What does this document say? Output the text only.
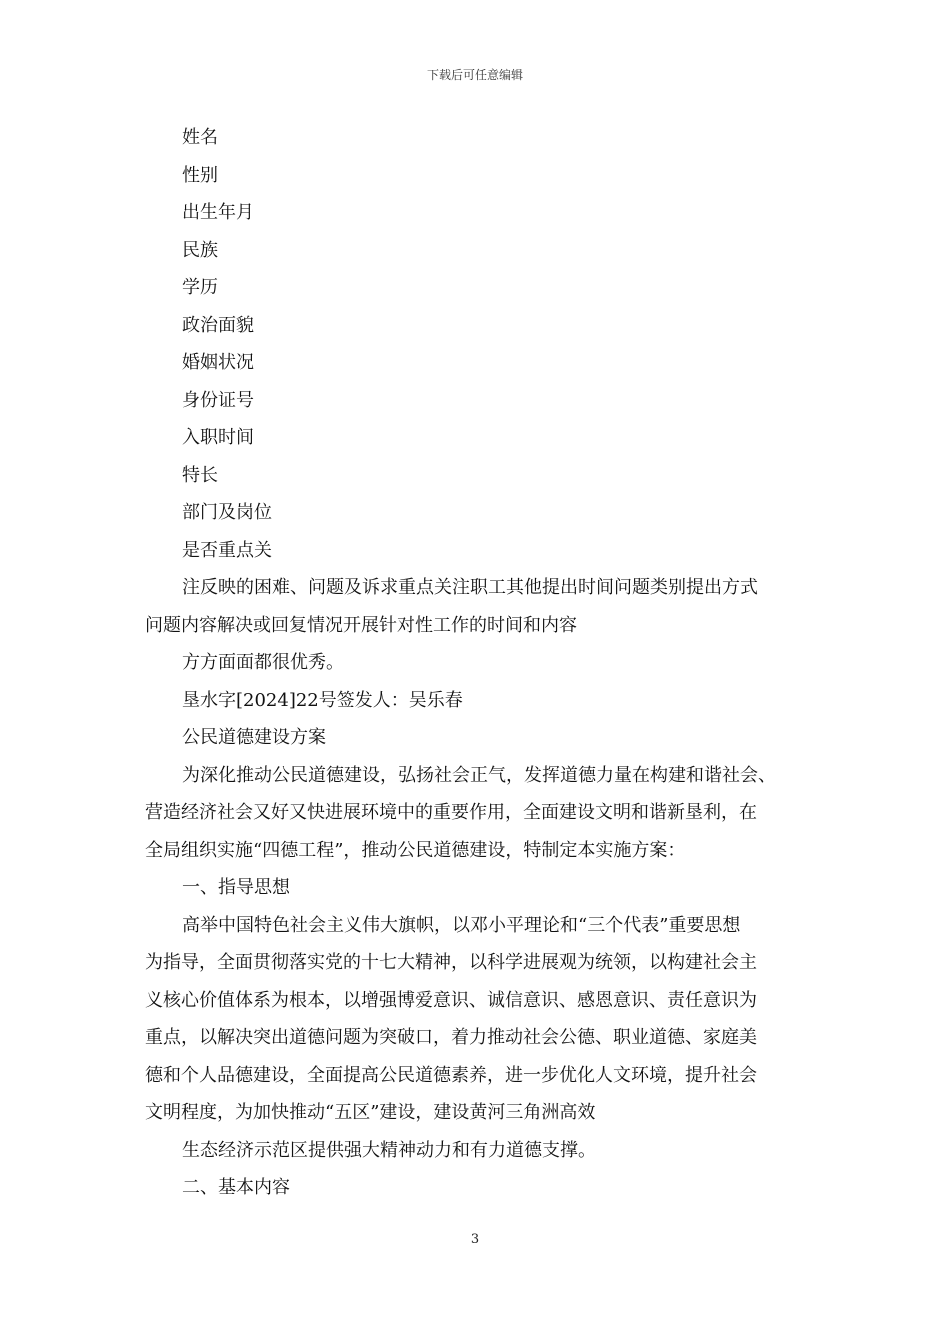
下载后可任意编辑
姓名
性别
出生年月
民族
学历
政治面貌
婚姻状况
身份证号
入职时间
特长
部门及岗位
是否重点关
注反映的困难、问题及诉求重点关注职工其他提出时间问题类别提出方式
问题内容解决或回复情况开展针对性工作的时间和内容
方方面面都很优秀。
垦水字[2024]22号签发人：吴乐春
公民道德建设方案
为深化推动公民道德建设，弘扬社会正气，发挥道德力量在构建和谐社会、
营造经济社会又好又快进展环境中的重要作用，全面建设文明和谐新垦利，在
全局组织实施“四德工程”，推动公民道德建设，特制定本实施方案：
一、指导思想
高举中国特色社会主义伟大旗帜，以邓小平理论和“三个代表”重要思想
为指导，全面贯彻落实党的十七大精神，以科学进展观为统领，以构建社会主
义核心价值体系为根本，以增强博爱意识、诚信意识、感恩意识、责任意识为
重点，以解决突出道德问题为突破口，着力推动社会公德、职业道德、家庭美
德和个人品德建设，全面提高公民道德素养，进一步优化人文环境，提升社会
文明程度，为加快推动“五区”建设，建设黄河三角洲高效
生态经济示范区提供强大精神动力和有力道德支撑。
二、基本内容
3
